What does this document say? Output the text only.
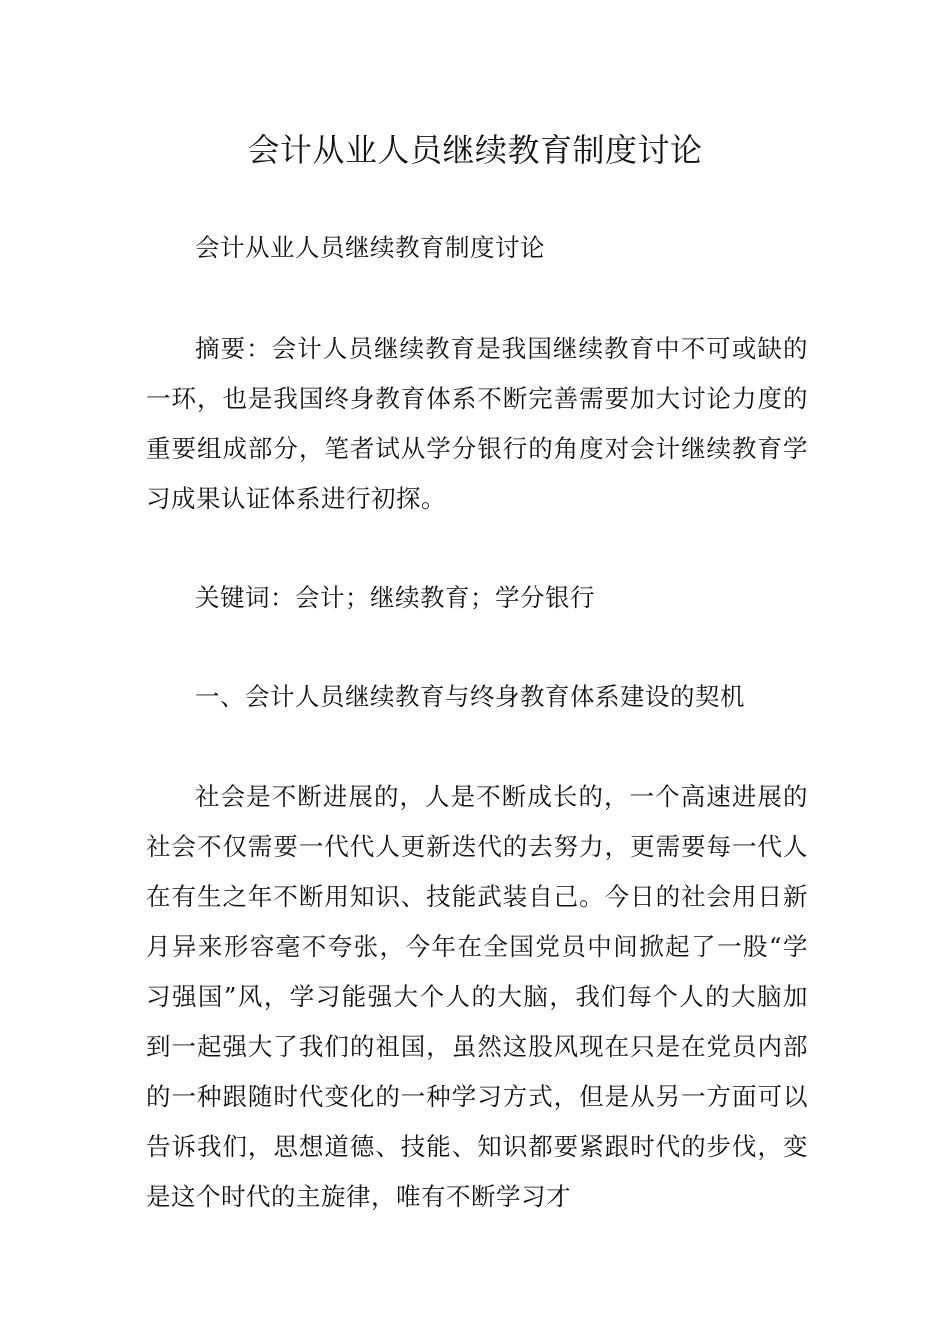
会计从业人员继续教育制度讨论

会计从业人员继续教育制度讨论

摘要：会计人员继续教育是我国继续教育中不可或缺的一环，也是我国终身教育体系不断完善需要加大讨论力度的重要组成部分，笔者试从学分银行的角度对会计继续教育学习成果认证体系进行初探。

关键词：会计；继续教育；学分银行

一、会计人员继续教育与终身教育体系建设的契机

社会是不断进展的，人是不断成长的，一个高速进展的社会不仅需要一代代人更新迭代的去努力，更需要每一代人在有生之年不断用知识、技能武装自己。今日的社会用日新月异来形容毫不夸张，今年在全国党员中间掀起了一股“学习强国”风，学习能强大个人的大脑，我们每个人的大脑加到一起强大了我们的祖国，虽然这股风现在只是在党员内部的一种跟随时代变化的一种学习方式，但是从另一方面可以告诉我们，思想道德、技能、知识都要紧跟时代的步伐，变是这个时代的主旋律，唯有不断学习才
